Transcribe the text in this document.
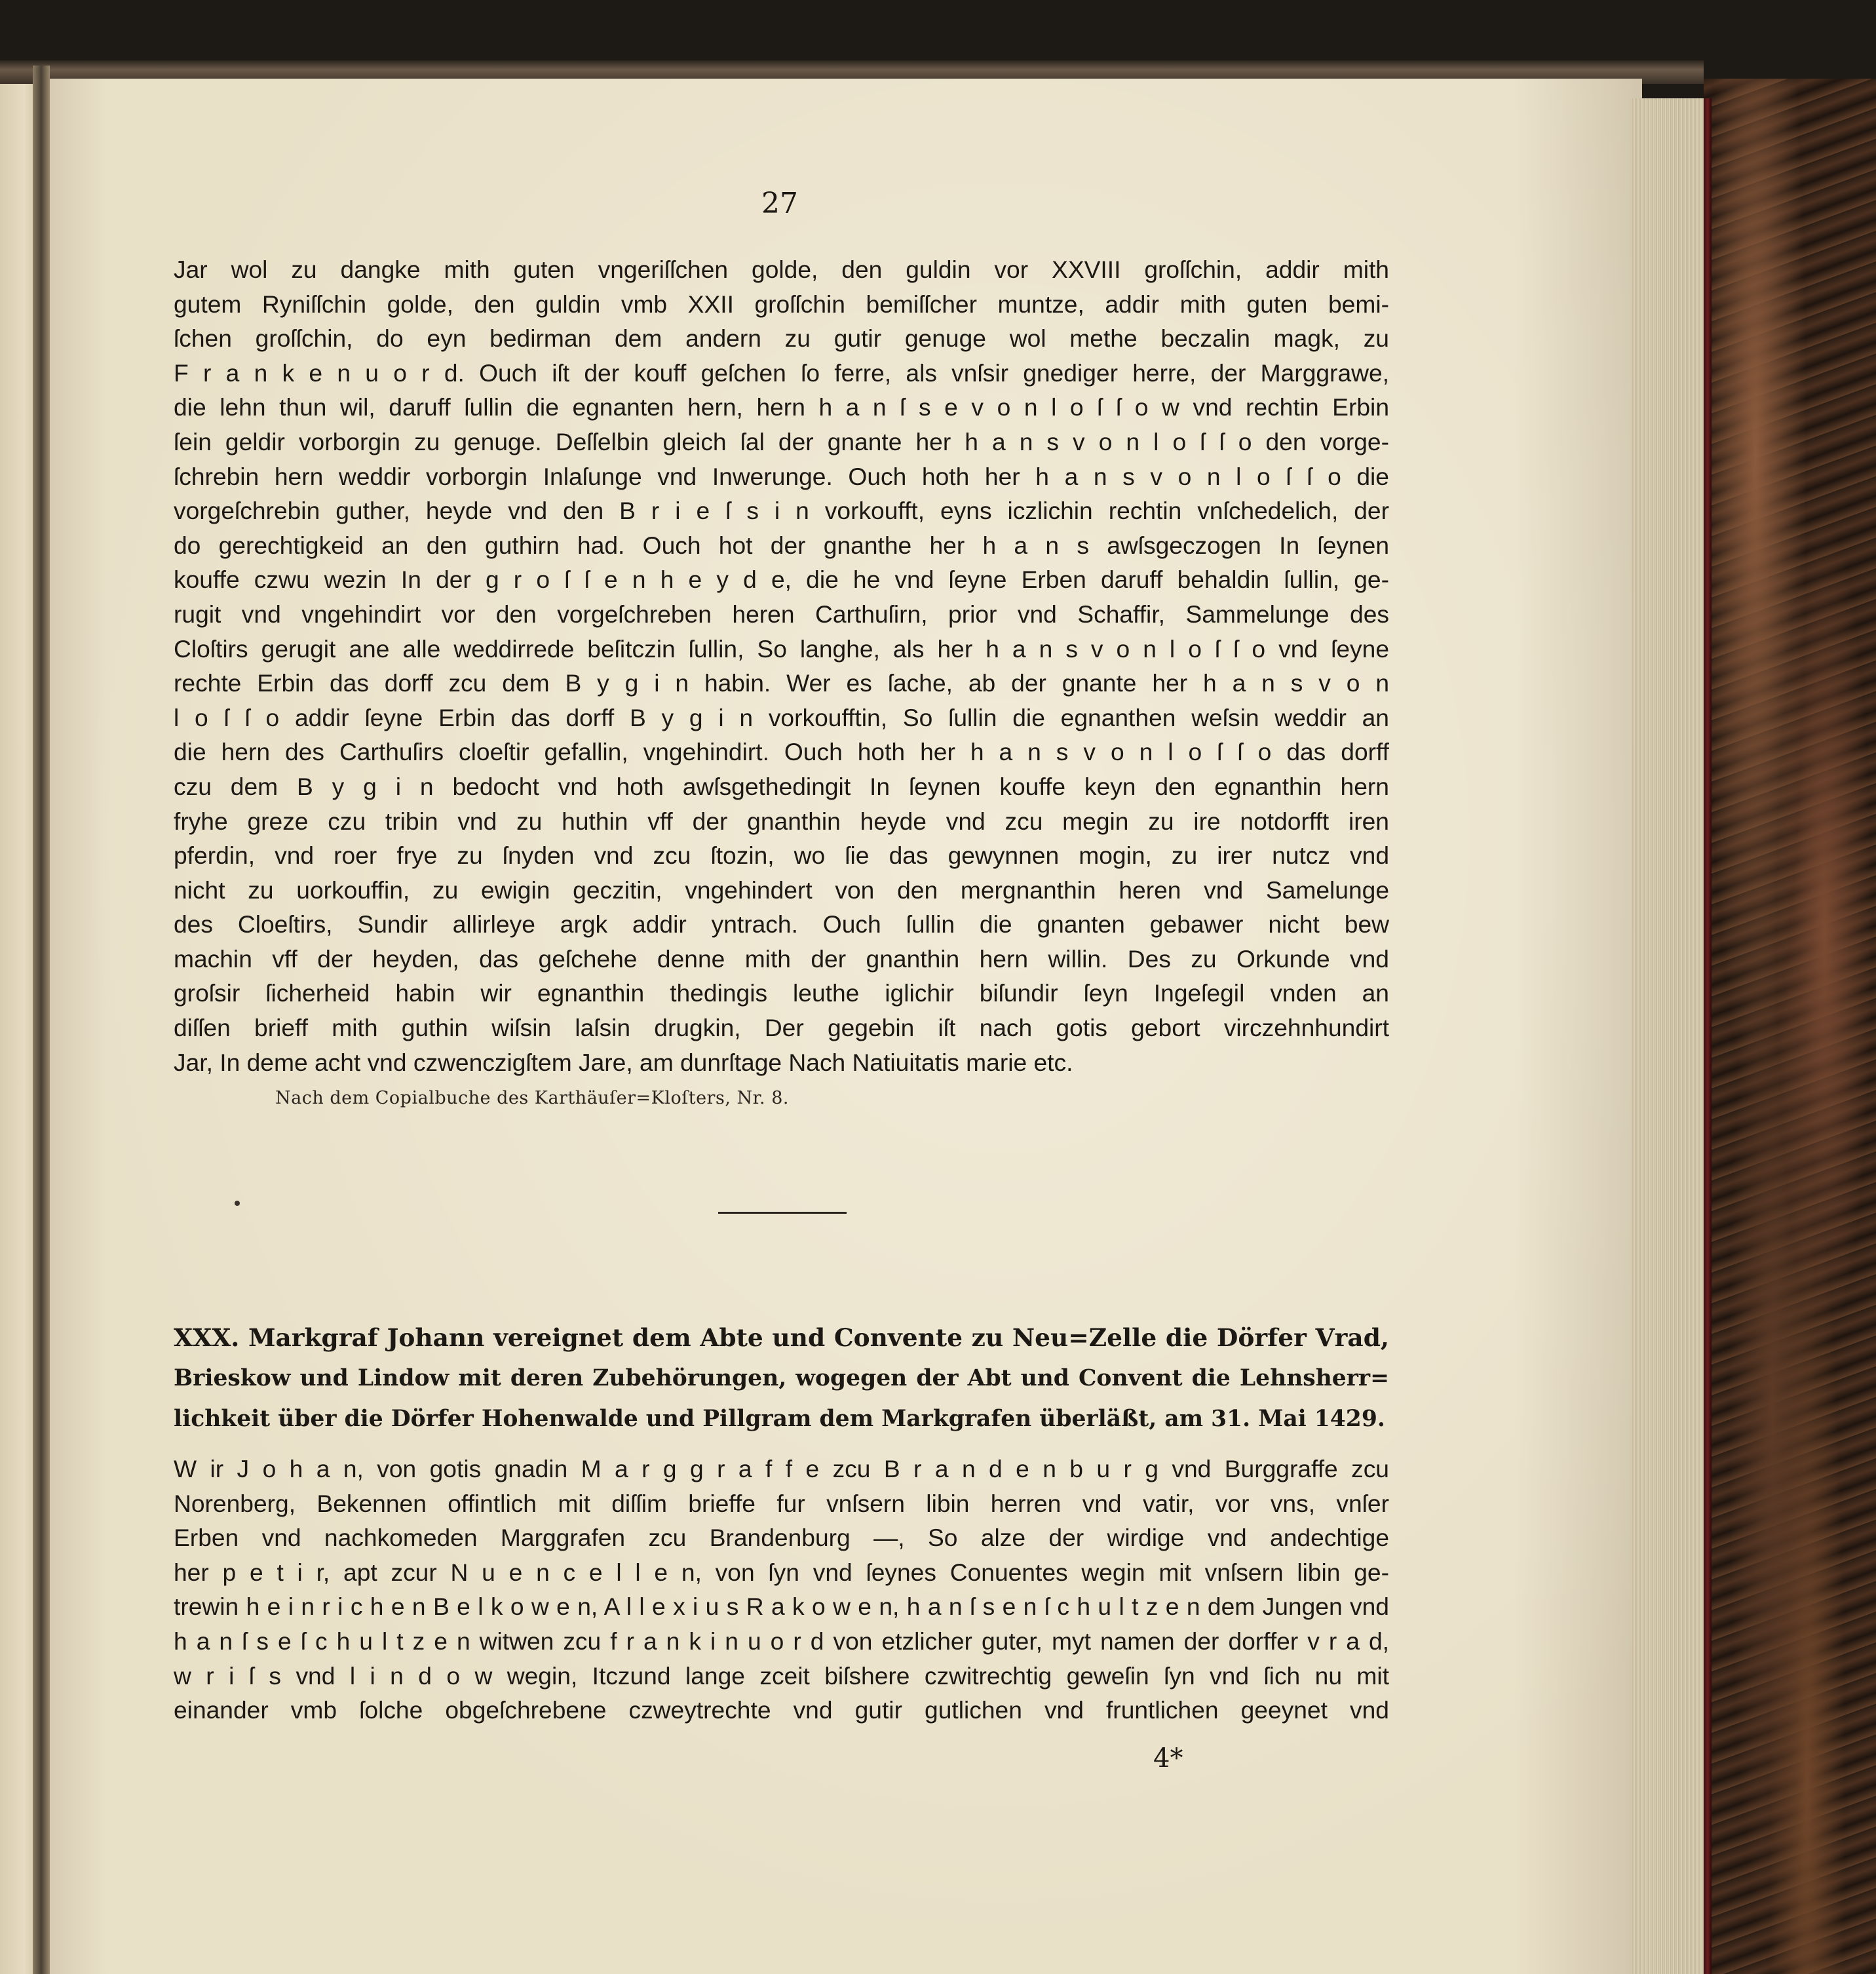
27
Jar wol zu dangke mith guten vngeriſſchen golde, den guldin vor XXVIII groſſchin, addir mith
gutem Ryniſſchin golde, den guldin vmb XXII groſſchin bemiſſcher muntze, addir mith guten bemi-
ſchen groſſchin, do eyn bedirman dem andern zu gutir genuge wol methe beczalin magk, zu
F r a n k e n u o r d. Ouch iſt der kouff geſchen ſo ferre, als vnſsir gnediger herre, der Marggrawe,
die lehn thun wil, daruff ſullin die egnanten hern, hern h a n ſ s e v o n l o ſ ſ o w vnd rechtin Erbin
ſein geldir vorborgin zu genuge. Deſſelbin gleich ſal der gnante her h a n s v o n l o ſ ſ o den vorge-
ſchrebin hern weddir vorborgin Inlaſunge vnd Inwerunge. Ouch hoth her h a n s v o n l o ſ ſ o die
vorgeſchrebin guther, heyde vnd den B r i e ſ s i n vorkoufft, eyns iczlichin rechtin vnſchedelich, der
do gerechtigkeid an den guthirn had. Ouch hot der gnanthe her h a n s awſsgeczogen In ſeynen
kouffe czwu wezin In der g r o ſ ſ e n h e y d e, die he vnd ſeyne Erben daruff behaldin ſullin, ge-
rugit vnd vngehindirt vor den vorgeſchreben heren Carthuſirn, prior vnd Schaffir, Sammelunge des
Cloſtirs gerugit ane alle weddirrede beſitczin ſullin, So langhe, als her h a n s v o n l o ſ ſ o vnd ſeyne
rechte Erbin das dorff zcu dem B y g i n habin. Wer es ſache, ab der gnante her h a n s v o n
l o ſ ſ o addir ſeyne Erbin das dorff B y g i n vorkoufftin, So ſullin die egnanthen weſsin weddir an
die hern des Carthuſirs cloeſtir gefallin, vngehindirt. Ouch hoth her h a n s v o n l o ſ ſ o das dorff
czu dem B y g i n bedocht vnd hoth awſsgethedingit In ſeynen kouffe keyn den egnanthin hern
fryhe greze czu tribin vnd zu huthin vff der gnanthin heyde vnd zcu megin zu ire notdorfft iren
pferdin, vnd roer frye zu ſnyden vnd zcu ſtozin, wo ſie das gewynnen mogin, zu irer nutcz vnd
nicht zu uorkouffin, zu ewigin geczitin, vngehindert von den mergnanthin heren vnd Samelunge
des Cloeſtirs, Sundir allirleye argk addir yntrach. Ouch ſullin die gnanten gebawer nicht bew
machin vff der heyden, das geſchehe denne mith der gnanthin hern willin. Des zu Orkunde vnd
groſsir ſicherheid habin wir egnanthin thedingis leuthe iglichir biſundir ſeyn Ingeſegil vnden an
diſſen brieff mith guthin wiſsin laſsin drugkin, Der gegebin iſt nach gotis gebort virczehnhundirt
Jar, In deme acht vnd czwenczigſtem Jare, am dunrſtage Nach Natiuitatis marie etc.
Nach dem Copialbuche des Karthäuſer=Kloſters, Nr. 8.
XXX. Markgraf Johann vereignet dem Abte und Convente zu Neu=Zelle die Dörfer Vrad,
Brieskow und Lindow mit deren Zubehörungen, wogegen der Abt und Convent die Lehnsherr=
lichkeit über die Dörfer Hohenwalde und Pillgram dem Markgrafen überläßt, am 31. Mai 1429.
W ir J o h a n, von gotis gnadin M a r g g r a f f e zcu B r a n d e n b u r g vnd Burggraffe zcu
Norenberg, Bekennen offintlich mit diſſim brieffe fur vnſsern libin herren vnd vatir, vor vns, vnſer
Erben vnd nachkomeden Marggrafen zcu Brandenburg —, So alze der wirdige vnd andechtige
her p e t i r, apt zcur N u e n c e l l e n, von ſyn vnd ſeynes Conuentes wegin mit vnſsern libin ge-
trewin h e i n r i c h e n B e l k o w e n, A l l e x i u s R a k o w e n, h a n ſ s e n ſ c h u l t z e n dem Jungen vnd
h a n ſ s e ſ c h u l t z e n witwen zcu f r a n k i n u o r d von etzlicher guter, myt namen der dorffer v r a d,
w r i ſ s vnd l i n d o w wegin, Itczund lange zceit biſshere czwitrechtig geweſin ſyn vnd ſich nu mit
einander vmb ſolche obgeſchrebene czweytrechte vnd gutir gutlichen vnd fruntlichen geeynet vnd
4*
